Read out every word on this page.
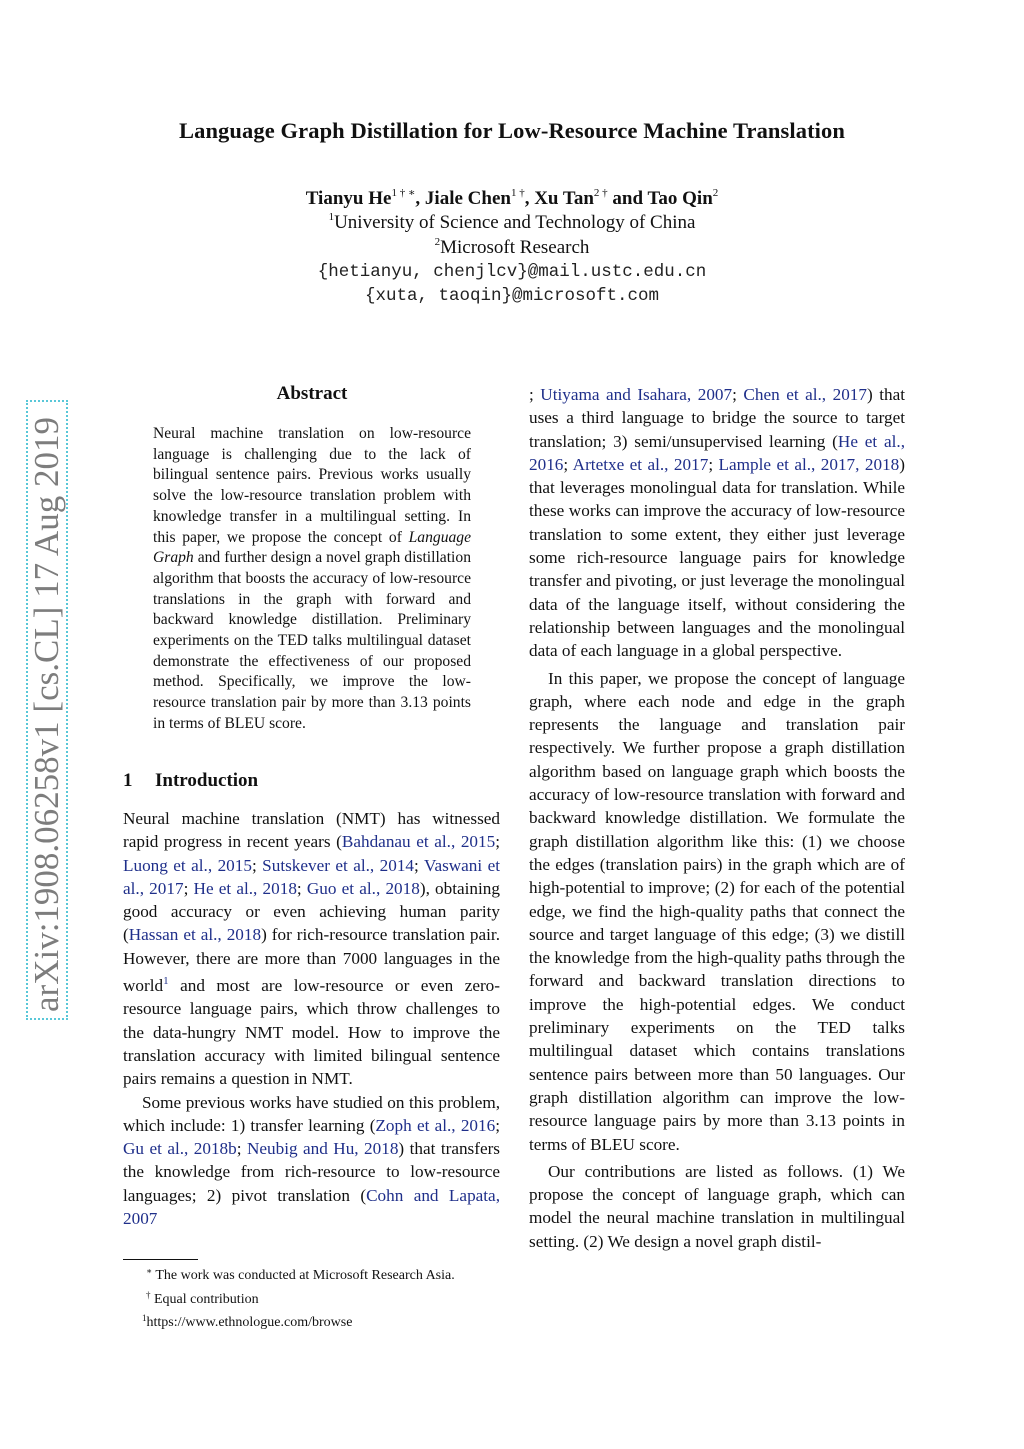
arXiv:1908.06258v1 [cs.CL] 17 Aug 2019
Language Graph Distillation for Low-Resource Machine Translation
Tianyu $He^{1 \dagger ∗}$, Jiale Chen$^{1 \dagger}$, Xu Tan$^{2 \dagger}$ and Tao Qin$^2$
$^1$University of Science and Technology of China
$^2$Microsoft Research
{hetianyu, chenjlcv}@mail.ustc.edu.cn
{xuta, taoqin}@microsoft.com
Abstract
Neural machine translation on low-resource language is challenging due to the lack of bilingual sentence pairs. Previous works usually solve the low-resource translation problem with knowledge transfer in a multilingual setting. In this paper, we propose the concept of Language Graph and further design a novel graph distillation algorithm that boosts the accuracy of low-resource translations in the graph with forward and backward knowledge distillation. Preliminary experiments on the TED talks multilingual dataset demonstrate the effectiveness of our proposed method. Specifically, we improve the low-resource translation pair by more than 3.13 points in terms of BLEU score.
1 Introduction

Neural machine translation (NMT) has witnessed rapid progress in recent years (Bahdanau et al., 2015; Luong et al., 2015; Sutskever et al., 2014; Vaswani et al., 2017; He et al., 2018; Guo et al., 2018), obtaining good accuracy or even achieving human parity (Hassan et al., 2018) for rich-resource translation pair. However, there are more than 7000 languages in the world$^1$ and most are low-resource or even zero-resource language pairs, which throw challenges to the data-hungry NMT model. How to improve the translation accuracy with limited bilingual sentence pairs remains a question in NMT.

Some previous works have studied on this problem, which include: 1) transfer learning (Zoph et al., 2016; Gu et al., 2018b; Neubig and Hu, 2018) that transfers the knowledge from rich-resource to low-resource languages; 2) pivot translation (Cohn and Lapata, 2007

∗ The work was conducted at Microsoft Research Asia.
† Equal contribution
$^1$https://www.ethnologue.com/browse

; Utiyama and Isahara, 2007; Chen et al., 2017) that uses a third language to bridge the source to target translation; 3) semi/unsupervised learning (He et al., 2016; Artetxe et al., 2017; Lample et al., 2017, 2018) that leverages monolingual data for translation. While these works can improve the accuracy of low-resource translation to some extent, they either just leverage some rich-resource language pairs for knowledge transfer and pivoting, or just leverage the monolingual data of the language itself, without considering the relationship between languages and the monolingual data of each language in a global perspective.

In this paper, we propose the concept of language graph, where each node and edge in the graph represents the language and translation pair respectively. We further propose a graph distillation algorithm based on language graph which boosts the accuracy of low-resource translation with forward and backward knowledge distillation. We formulate the graph distillation algorithm like this: (1) we choose the edges (translation pairs) in the graph which are of high-potential to improve; (2) for each of the potential edge, we find the high-quality paths that connect the source and target language of this edge; (3) we distill the knowledge from the high-quality paths through the forward and backward translation directions to improve the high-potential edges. We conduct preliminary experiments on the TED talks multilingual dataset which contains translations sentence pairs between more than 50 languages. Our graph distillation algorithm can improve the low-resource language pairs by more than 3.13 points in terms of BLEU score.

Our contributions are listed as follows. (1) We propose the concept of language graph, which can model the neural machine translation in multilingual setting. (2) We design a novel graph distil-
